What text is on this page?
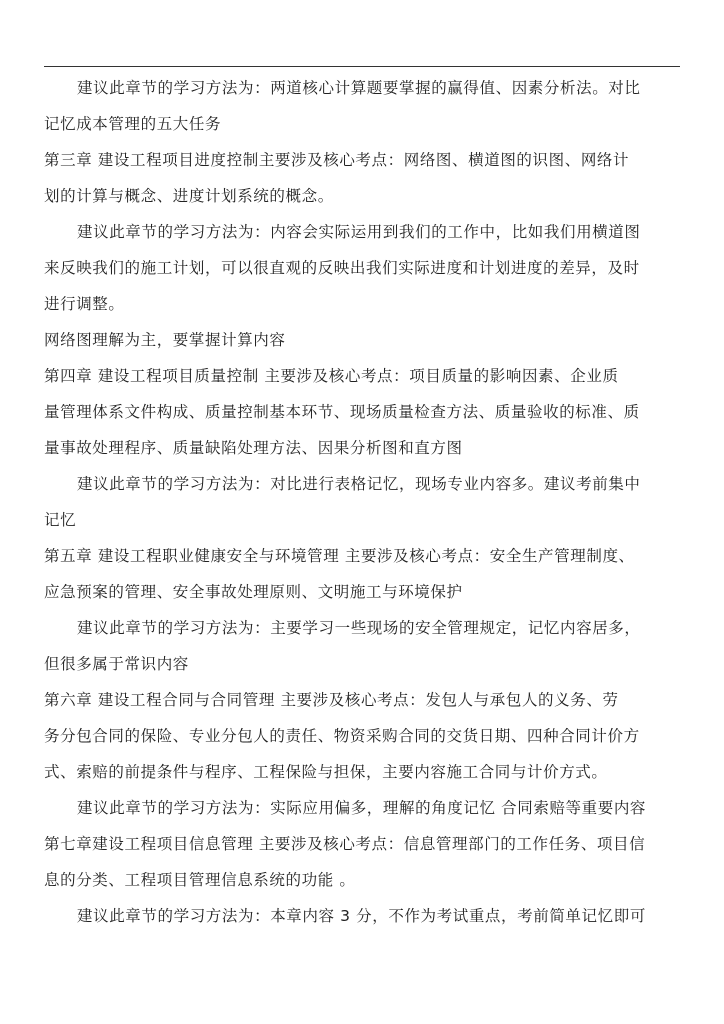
建议此章节的学习方法为：两道核心计算题要掌握的赢得值、因素分析法。对比
记忆成本管理的五大任务
第三章 建设工程项目进度控制主要涉及核心考点：网络图、横道图的识图、网络计
划的计算与概念、进度计划系统的概念。
建议此章节的学习方法为：内容会实际运用到我们的工作中，比如我们用横道图
来反映我们的施工计划，可以很直观的反映出我们实际进度和计划进度的差异，及时
进行调整。
网络图理解为主，要掌握计算内容
第四章 建设工程项目质量控制 主要涉及核心考点：项目质量的影响因素、企业质
量管理体系文件构成、质量控制基本环节、现场质量检查方法、质量验收的标准、质
量事故处理程序、质量缺陷处理方法、因果分析图和直方图
建议此章节的学习方法为：对比进行表格记忆，现场专业内容多。建议考前集中
记忆
第五章 建设工程职业健康安全与环境管理 主要涉及核心考点：安全生产管理制度、
应急预案的管理、安全事故处理原则、文明施工与环境保护
建议此章节的学习方法为：主要学习一些现场的安全管理规定，记忆内容居多，
但很多属于常识内容
第六章 建设工程合同与合同管理 主要涉及核心考点：发包人与承包人的义务、劳
务分包合同的保险、专业分包人的责任、物资采购合同的交货日期、四种合同计价方
式、索赔的前提条件与程序、工程保险与担保，主要内容施工合同与计价方式。
建议此章节的学习方法为：实际应用偏多，理解的角度记忆 合同索赔等重要内容
第七章建设工程项目信息管理 主要涉及核心考点：信息管理部门的工作任务、项目信
息的分类、工程项目管理信息系统的功能 。
建议此章节的学习方法为：本章内容 3 分，不作为考试重点，考前简单记忆即可
